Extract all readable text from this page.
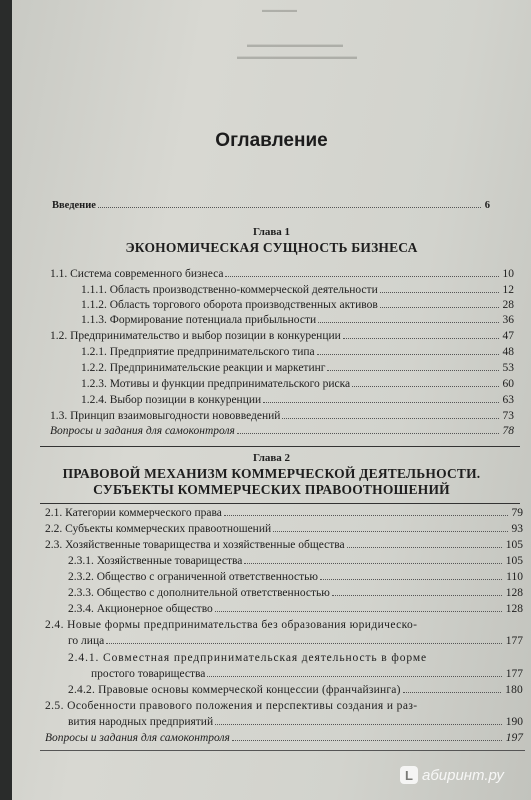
▬▬▬▬▬
▬▬▬▬▬▬▬▬▬▬▬▬
▬▬▬▬▬▬▬▬▬▬▬▬▬▬▬
Оглавление
Введение	6
Глава 1
ЭКОНОМИЧЕСКАЯ СУЩНОСТЬ БИЗНЕСА
1.1. Система современного бизнеса	10
1.1.1. Область производственно-коммерческой деятельности	12
1.1.2. Область торгового оборота производственных активов	28
1.1.3. Формирование потенциала прибыльности	36
1.2. Предпринимательство и выбор позиции в конкуренции	47
1.2.1. Предприятие предпринимательского типа	48
1.2.2. Предпринимательские реакции и маркетинг	53
1.2.3. Мотивы и функции предпринимательского риска	60
1.2.4. Выбор позиции в конкуренции	63
1.3. Принцип взаимовыгодности нововведений	73
Вопросы и задания для самоконтроля	78
Глава 2
ПРАВОВОЙ МЕХАНИЗМ КОММЕРЧЕСКОЙ ДЕЯТЕЛЬНОСТИ.
СУБЪЕКТЫ КОММЕРЧЕСКИХ ПРАВООТНОШЕНИЙ
2.1. Категории коммерческого права	79
2.2. Субъекты коммерческих правоотношений	93
2.3. Хозяйственные товарищества и хозяйственные общества	105
2.3.1. Хозяйственные товарищества	105
2.3.2. Общество с ограниченной ответственностью	110
2.3.3. Общество с дополнительной ответственностью	128
2.3.4. Акционерное общество	128
2.4. Новые формы предпринимательства без образования юридическо-
го лица	177
2.4.1. Совместная предпринимательская деятельность в форме
простого товарищества	177
2.4.2. Правовые основы коммерческой концессии (франчайзинга)	180
2.5. Особенности правового положения и перспективы создания и раз-
вития народных предприятий	190
Вопросы и задания для самоконтроля	197
L абиринт.ру
